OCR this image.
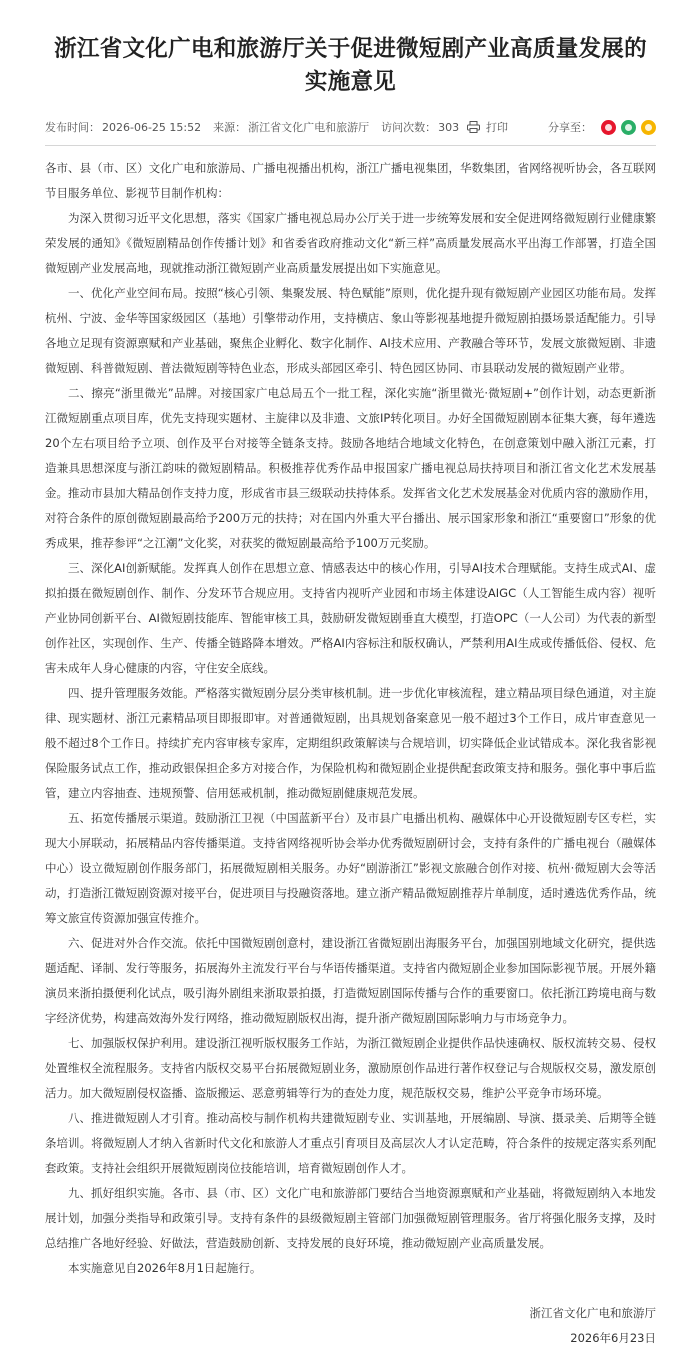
浙江省文化广电和旅游厅关于促进微短剧产业高质量发展的实施意见
发布时间： 2026-06-25 15:52 来源： 浙江省文化广电和旅游厅 访问次数： 303 打印	分享至：

各市、县（市、区）文化广电和旅游局、广播电视播出机构，浙江广播电视集团，华数集团，省网络视听协会，各互联网节目服务单位、影视节目制作机构：

为深入贯彻习近平文化思想，落实《国家广播电视总局办公厅关于进一步统筹发展和安全促进网络微短剧行业健康繁荣发展的通知》《微短剧精品创作传播计划》和省委省政府推动文化“新三样”高质量发展高水平出海工作部署，打造全国微短剧产业发展高地，现就推动浙江微短剧产业高质量发展提出如下实施意见。

一、优化产业空间布局。按照“核心引领、集聚发展、特色赋能”原则，优化提升现有微短剧产业园区功能布局。发挥杭州、宁波、金华等国家级园区（基地）引擎带动作用，支持横店、象山等影视基地提升微短剧拍摄场景适配能力。引导各地立足现有资源禀赋和产业基础，聚焦企业孵化、数字化制作、AI技术应用、产教融合等环节，发展文旅微短剧、非遗微短剧、科普微短剧、普法微短剧等特色业态，形成头部园区牵引、特色园区协同、市县联动发展的微短剧产业带。

二、擦亮“浙里微光”品牌。对接国家广电总局五个一批工程，深化实施“浙里微光·微短剧+”创作计划，动态更新浙江微短剧重点项目库，优先支持现实题材、主旋律以及非遗、文旅IP转化项目。办好全国微短剧剧本征集大赛，每年遴选20个左右项目给予立项、创作及平台对接等全链条支持。鼓励各地结合地域文化特色，在创意策划中融入浙江元素，打造兼具思想深度与浙江韵味的微短剧精品。积极推荐优秀作品申报国家广播电视总局扶持项目和浙江省文化艺术发展基金。推动市县加大精品创作支持力度，形成省市县三级联动扶持体系。发挥省文化艺术发展基金对优质内容的激励作用，对符合条件的原创微短剧最高给予200万元的扶持；对在国内外重大平台播出、展示国家形象和浙江“重要窗口”形象的优秀成果，推荐参评“之江潮”文化奖，对获奖的微短剧最高给予100万元奖励。

三、深化AI创新赋能。发挥真人创作在思想立意、情感表达中的核心作用，引导AI技术合理赋能。支持生成式AI、虚拟拍摄在微短剧创作、制作、分发环节合规应用。支持省内视听产业园和市场主体建设AIGC（人工智能生成内容）视听产业协同创新平台、AI微短剧技能库、智能审核工具，鼓励研发微短剧垂直大模型，打造OPC（一人公司）为代表的新型创作社区，实现创作、生产、传播全链路降本增效。严格AI内容标注和版权确认，严禁利用AI生成或传播低俗、侵权、危害未成年人身心健康的内容，守住安全底线。

四、提升管理服务效能。严格落实微短剧分层分类审核机制。进一步优化审核流程，建立精品项目绿色通道，对主旋律、现实题材、浙江元素精品项目即报即审。对普通微短剧，出具规划备案意见一般不超过3个工作日，成片审查意见一般不超过8个工作日。持续扩充内容审核专家库，定期组织政策解读与合规培训，切实降低企业试错成本。深化我省影视保险服务试点工作，推动政银保担企多方对接合作，为保险机构和微短剧企业提供配套政策支持和服务。强化事中事后监管，建立内容抽查、违规预警、信用惩戒机制，推动微短剧健康规范发展。

五、拓宽传播展示渠道。鼓励浙江卫视（中国蓝新平台）及市县广电播出机构、融媒体中心开设微短剧专区专栏，实现大小屏联动，拓展精品内容传播渠道。支持省网络视听协会举办优秀微短剧研讨会，支持有条件的广播电视台（融媒体中心）设立微短剧创作服务部门，拓展微短剧相关服务。办好“剧游浙江”影视文旅融合创作对接、杭州·微短剧大会等活动，打造浙江微短剧资源对接平台，促进项目与投融资落地。建立浙产精品微短剧推荐片单制度，适时遴选优秀作品，统筹文旅宣传资源加强宣传推介。

六、促进对外合作交流。依托中国微短剧创意村，建设浙江省微短剧出海服务平台，加强国别地域文化研究，提供选题适配、译制、发行等服务，拓展海外主流发行平台与华语传播渠道。支持省内微短剧企业参加国际影视节展。开展外籍演员来浙拍摄便利化试点，吸引海外剧组来浙取景拍摄，打造微短剧国际传播与合作的重要窗口。依托浙江跨境电商与数字经济优势，构建高效海外发行网络，推动微短剧版权出海，提升浙产微短剧国际影响力与市场竞争力。

七、加强版权保护利用。建设浙江视听版权服务工作站，为浙江微短剧企业提供作品快速确权、版权流转交易、侵权处置维权全流程服务。支持省内版权交易平台拓展微短剧业务，激励原创作品进行著作权登记与合规版权交易，激发原创活力。加大微短剧侵权盗播、盗版搬运、恶意剪辑等行为的查处力度，规范版权交易，维护公平竞争市场环境。

八、推进微短剧人才引育。推动高校与制作机构共建微短剧专业、实训基地，开展编剧、导演、摄录美、后期等全链条培训。将微短剧人才纳入省新时代文化和旅游人才重点引育项目及高层次人才认定范畴，符合条件的按规定落实系列配套政策。支持社会组织开展微短剧岗位技能培训，培育微短剧创作人才。

九、抓好组织实施。各市、县（市、区）文化广电和旅游部门要结合当地资源禀赋和产业基础，将微短剧纳入本地发展计划，加强分类指导和政策引导。支持有条件的县级微短剧主管部门加强微短剧管理服务。省厅将强化服务支撑，及时总结推广各地好经验、好做法，营造鼓励创新、支持发展的良好环境，推动微短剧产业高质量发展。

本实施意见自2026年8月1日起施行。

浙江省文化广电和旅游厅
2026年6月23日
